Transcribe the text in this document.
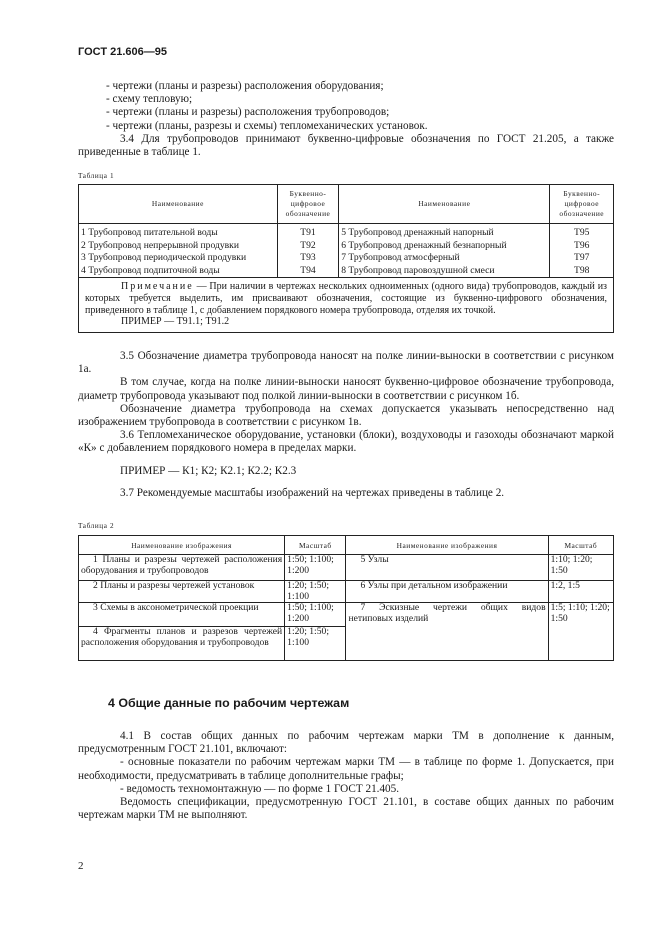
ГОСТ 21.606—95
- чертежи (планы и разрезы) расположения оборудования;
- схему тепловую;
- чертежи (планы и разрезы) расположения трубопроводов;
- чертежи (планы, разрезы и схемы) тепломеханических установок.
3.4 Для трубопроводов принимают буквенно-цифровые обозначения по ГОСТ 21.205, а также приведенные в таблице 1.
Таблица 1
Наименование	Буквенно-цифровое обозначение	Наименование	Буквенно-цифровое обозначение
1 Трубопровод питательной воды	Т91	5 Трубопровод дренажный напорный	Т95
2 Трубопровод непрерывной продувки	Т92	6 Трубопровод дренажный безнапорный	Т96
3 Трубопровод периодической продувки	Т93	7 Трубопровод атмосферный	Т97
4 Трубопровод подпиточной воды	Т94	8 Трубопровод паровоздушной смеси	Т98

Примечание — При наличии в чертежах нескольких одноименных (одного вида) трубопроводов, каждый из которых требуется выделить, им присваивают обозначения, состоящие из буквенно-цифрового обозначения, приведенного в таблице 1, с добавлением порядкового номера трубопровода, отделяя их точкой.
ПРИМЕР — Т91.1; Т91.2			
3.5 Обозначение диаметра трубопровода наносят на полке линии-выноски в соответствии с рисунком 1а.
В том случае, когда на полке линии-выноски наносят буквенно-цифровое обозначение трубопровода, диаметр трубопровода указывают под полкой линии-выноски в соответствии с рисунком 1б.
Обозначение диаметра трубопровода на схемах допускается указывать непосредственно над изображением трубопровода в соответствии с рисунком 1в.
3.6 Тепломеханическое оборудование, установки (блоки), воздуховоды и газоходы обозначают маркой «К» с добавлением порядкового номера в пределах марки.
ПРИМЕР — К1; К2; К2.1; К2.2; К2.3
3.7 Рекомендуемые масштабы изображений на чертежах приведены в таблице 2.
Таблица 2
Наименование изображения	Масштаб	Наименование изображения	Масштаб
1 Планы и разрезы чертежей расположения оборудования и трубопроводов	1:50; 1:100; 1:200	5 Узлы	1:10; 1:20; 1:50
2 Планы и разрезы чертежей установок	1:20; 1:50; 1:100	6 Узлы при детальном изображении	1:2, 1:5
3 Схемы в аксонометрической проекции	1:50; 1:100; 1:200	7 Эскизные чертежи общих видов нетиповых изделий	1:5; 1:10; 1:20; 1:50
4 Фрагменты планов и разрезов чертежей расположения оборудования и трубопроводов	1:20; 1:50; 1:100		
4 Общие данные по рабочим чертежам
4.1 В состав общих данных по рабочим чертежам марки ТМ в дополнение к данным, предусмотренным ГОСТ 21.101, включают:
- основные показатели по рабочим чертежам марки ТМ — в таблице по форме 1. Допускается, при необходимости, предусматривать в таблице дополнительные графы;
- ведомость техномонтажную — по форме 1 ГОСТ 21.405.
Ведомость спецификации, предусмотренную ГОСТ 21.101, в составе общих данных по рабочим чертежам марки ТМ не выполняют.
2
